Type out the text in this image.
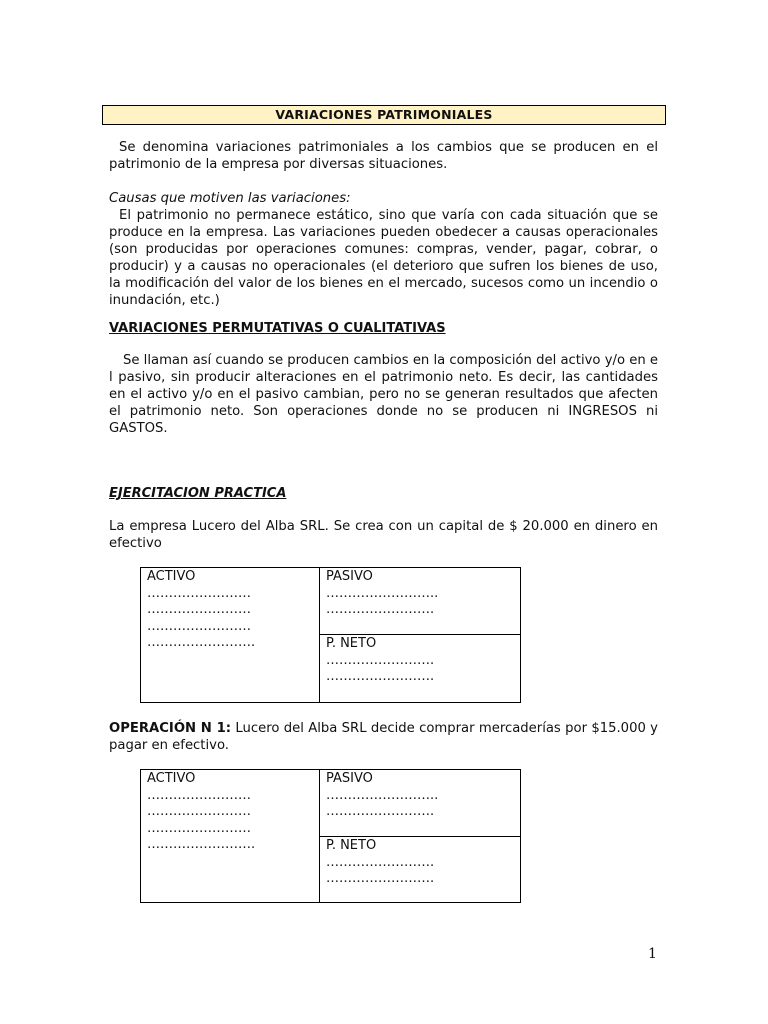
VARIACIONES PATRIMONIALES

Se denomina variaciones patrimoniales a los cambios que se producen en el patrimonio de la empresa por diversas situaciones.

Causas que motiven las variaciones:

El patrimonio no permanece estático, sino que varía con cada situación que se produce en la empresa. Las variaciones pueden obedecer a causas operacionales (son producidas por operaciones comunes: compras, vender, pagar, cobrar, o producir) y a causas no operacionales (el deterioro que sufren los bienes de uso, la modificación del valor de los bienes en el mercado, sucesos como un incendio o inundación, etc.)

VARIACIONES PERMUTATIVAS O CUALITATIVAS

Se llaman así cuando se producen cambios en la composición del activo y/o en e l pasivo, sin producir alteraciones en el patrimonio neto. Es decir, las cantidades en el activo y/o en el pasivo cambian, pero no se generan resultados que afecten el patrimonio neto. Son operaciones donde no se producen ni INGRESOS ni GASTOS.

EJERCITACION PRACTICA

La empresa Lucero del Alba SRL. Se crea con un capital de $ 20.000 en dinero en efectivo

ACTIVO
……………………
……………………
……………………
…………………….
PASIVO
……………………..
…………………….
P. NETO
…………………….
…………………….

OPERACIÓN N 1: Lucero del Alba SRL decide comprar mercaderías por $15.000 y pagar en efectivo.

ACTIVO
……………………
……………………
……………………
…………………….
PASIVO
……………………..
…………………….
P. NETO
…………………….
…………………….
1
